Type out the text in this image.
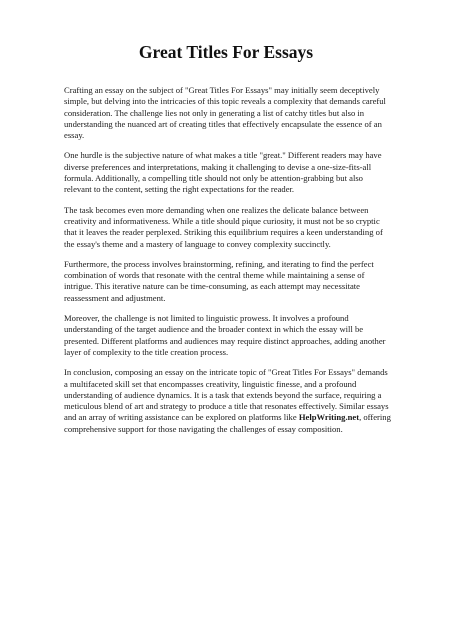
Great Titles For Essays

Crafting an essay on the subject of "Great Titles For Essays" may initially seem deceptively simple, but delving into the intricacies of this topic reveals a complexity that demands careful consideration. The challenge lies not only in generating a list of catchy titles but also in understanding the nuanced art of creating titles that effectively encapsulate the essence of an essay.

One hurdle is the subjective nature of what makes a title "great." Different readers may have diverse preferences and interpretations, making it challenging to devise a one-size-fits-all formula. Additionally, a compelling title should not only be attention-grabbing but also relevant to the content, setting the right expectations for the reader.

The task becomes even more demanding when one realizes the delicate balance between creativity and informativeness. While a title should pique curiosity, it must not be so cryptic that it leaves the reader perplexed. Striking this equilibrium requires a keen understanding of the essay's theme and a mastery of language to convey complexity succinctly.

Furthermore, the process involves brainstorming, refining, and iterating to find the perfect combination of words that resonate with the central theme while maintaining a sense of intrigue. This iterative nature can be time-consuming, as each attempt may necessitate reassessment and adjustment.

Moreover, the challenge is not limited to linguistic prowess. It involves a profound understanding of the target audience and the broader context in which the essay will be presented. Different platforms and audiences may require distinct approaches, adding another layer of complexity to the title creation process.

In conclusion, composing an essay on the intricate topic of "Great Titles For Essays" demands a multifaceted skill set that encompasses creativity, linguistic finesse, and a profound understanding of audience dynamics. It is a task that extends beyond the surface, requiring a meticulous blend of art and strategy to produce a title that resonates effectively. Similar essays and an array of writing assistance can be explored on platforms like HelpWriting.net, offering comprehensive support for those navigating the challenges of essay composition.
